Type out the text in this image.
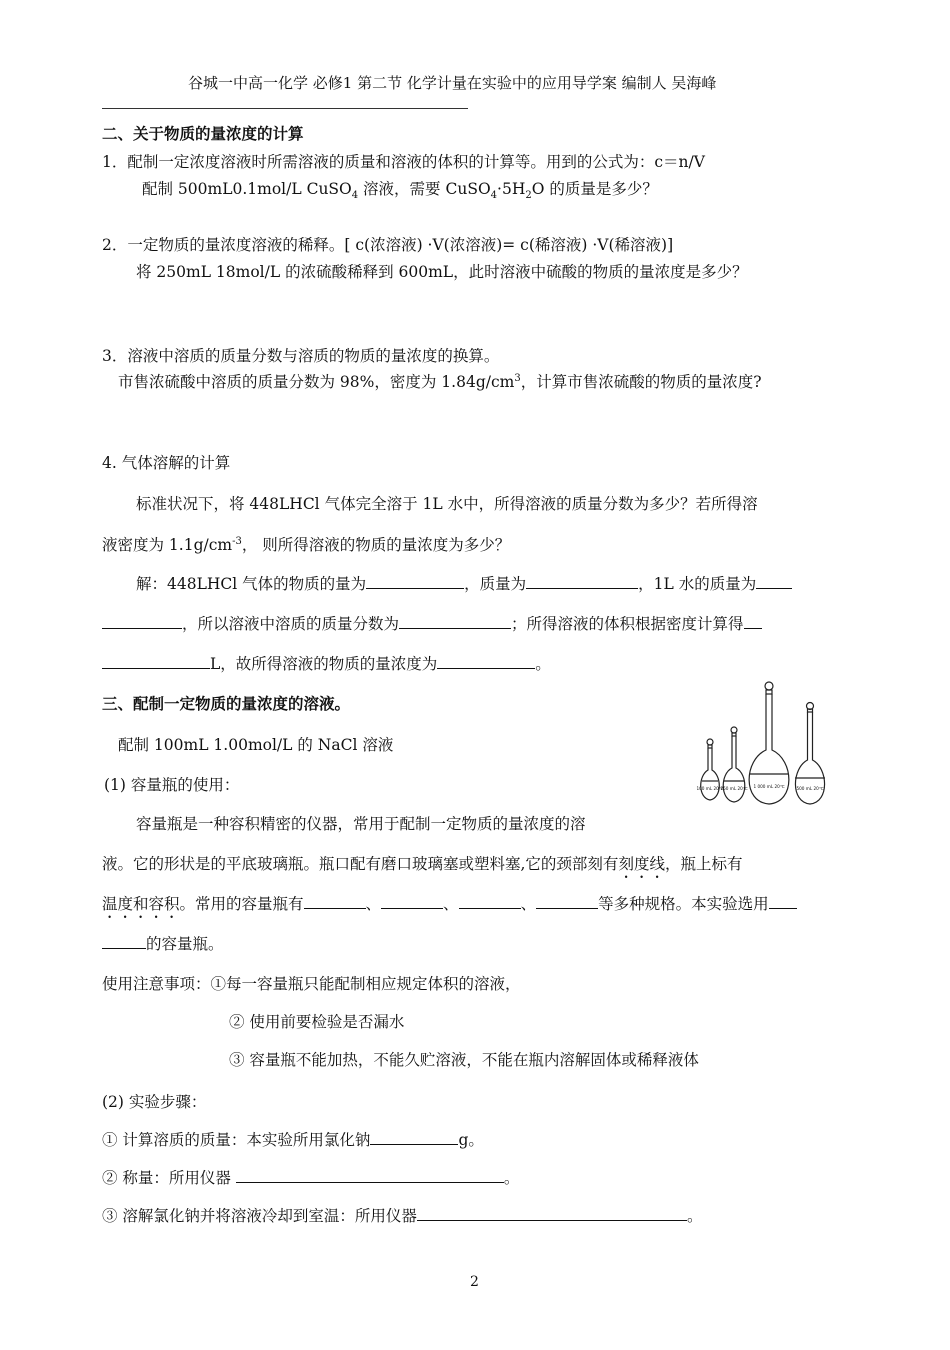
谷城一中高一化学 必修1 第二节 化学计量在实验中的应用导学案 编制人 吴海峰
二、关于物质的量浓度的计算
1．配制一定浓度溶液时所需溶液的质量和溶液的体积的计算等。用到的公式为：c＝n/V
配制 500mL0.1mol/L CuSO$_4$ 溶液，需要 $CuSO_4\cdot 5H_2O$ 的质量是多少？
2．一定物质的量浓度溶液的稀释。[ c(浓溶液) ·V(浓溶液)= c(稀溶液) ·V(稀溶液)]
将 250mL 18mol/L 的浓硫酸稀释到 600mL，此时溶液中硫酸的物质的量浓度是多少？
3．溶液中溶质的质量分数与溶质的物质的量浓度的换算。
市售浓硫酸中溶质的质量分数为 98%，密度为 $1.84g/cm^3$，计算市售浓硫酸的物质的量浓度?
4. 气体溶解的计算
标准状况下，将 448LHCl 气体完全溶于 1L 水中，所得溶液的质量分数为多少？若所得溶
液密度为 $1.1g/cm^{-3}$， 则所得溶液的物质的量浓度为多少？
解：448LHCl 气体的物质的量为	，质量为	，1L 水的质量为
，所以溶液中溶质的质量分数为	；所得溶液的体积根据密度计算得
L，故所得溶液的物质的量浓度为	。
三、配制一定物质的量浓度的溶液。
配制 100mL 1.00mol/L 的 NaCl 溶液
(1) 容量瓶的使用：
容量瓶是一种容积精密的仪器，常用于配制一定物质的量浓度的溶
液。它的形状是的平底玻璃瓶。瓶口配有磨口玻璃塞或塑料塞,它的颈部刻有刻度线，瓶上标有
温度和容积。常用的容量瓶有	、	、	、	等多种规格。本实验选用
的容量瓶。
使用注意事项：①每一容量瓶只能配制相应规定体积的溶液，
② 使用前要检验是否漏水
③ 容量瓶不能加热，不能久贮溶液，不能在瓶内溶解固体或稀释液体
(2) 实验步骤：
① 计算溶质的质量：本实验所用氯化钠	g。
② 称量：所用仪器	。
③ 溶解氯化钠并将溶液冷却到室温：所用仪器	。
100 mL 20℃
250 mL 20℃ 1 000 mL 20℃	500 mL 20℃
2
